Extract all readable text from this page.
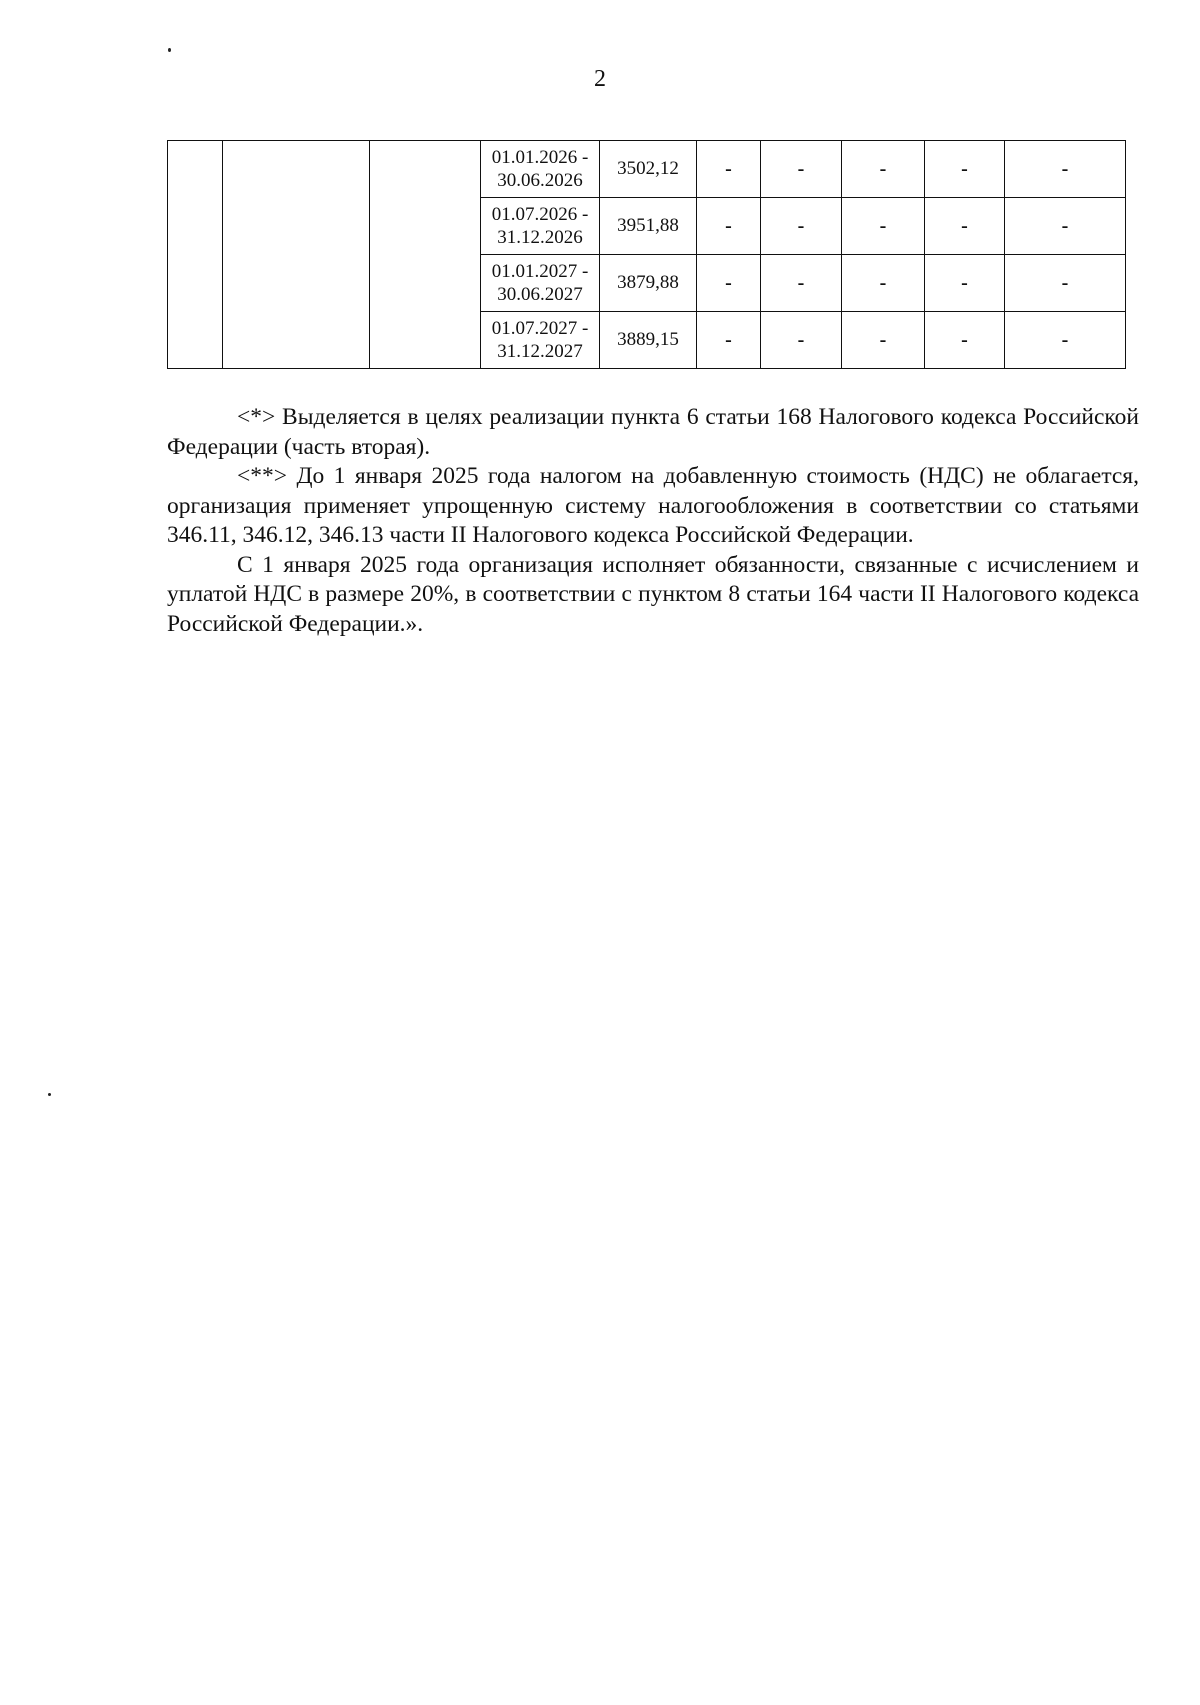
2

			01.01.2026 -
30.06.2026	3502,12	-	-	-	-	-

			01.07.2026 -
31.12.2026	3951,88	-	-	-	-	-

			01.01.2027 -
30.06.2027	3879,88	-	-	-	-	-

			01.07.2027 -
31.12.2027	3889,15	-	-	-	-	-

<*> Выделяется в целях реализации пункта 6 статьи 168 Налогового кодекса Российской Федерации (часть вторая).

<**> До 1 января 2025 года налогом на добавленную стоимость (НДС) не облагается, организация применяет упрощенную систему налогообложения в соответствии со статьями 346.11, 346.12, 346.13 части II Налогового кодекса Российской Федерации.

С 1 января 2025 года организация исполняет обязанности, связанные с исчислением и уплатой НДС в размере 20%, в соответствии с пунктом 8 статьи 164 части II Налогового кодекса Российской Федерации.».
